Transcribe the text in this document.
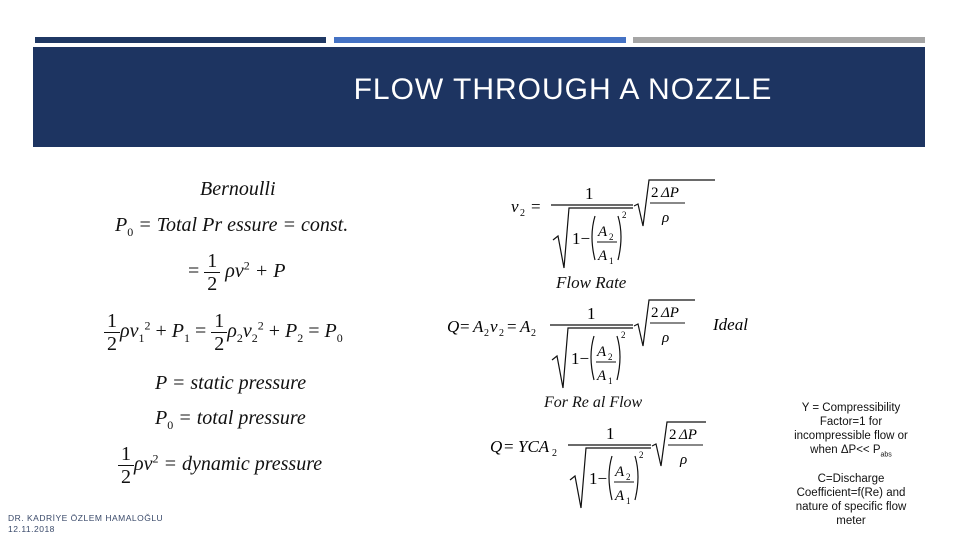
FLOW THROUGH A NOZZLE
Bernoulli
$P_0$ = Total Pr essure = const.
= $\frac{1}{2} \rho v^2 + P$
$\frac{1}{2} \rho v_1^2 + P_1 = \frac{1}{2} \rho_2v_2^2 + P_2 = P_0$
P = static pressure
$P_0$ = total pressure
$\frac{1}{2} \rho v^2$ = dynamic pressure
v 2 =
1
1− A 2
A 1
2
2 ΔP
ρ
Flow Rate
Q = A 2 v 2 = A 2
1
1− A 2
A 1
2
2 ΔP
ρ
Ideal
For Re al Flow
Q = YCA 2
1
1− A 2
A 1
2
2 ΔP
ρ
Y = Compressibility Factor=1 for incompressible flow or when $\Delta P<< P_{abs}$
C=Discharge Coefficient=f(Re) and nature of specific flow meter
DR. KADRİYE ÖZLEM HAMALOĞLU
12.11.2018
